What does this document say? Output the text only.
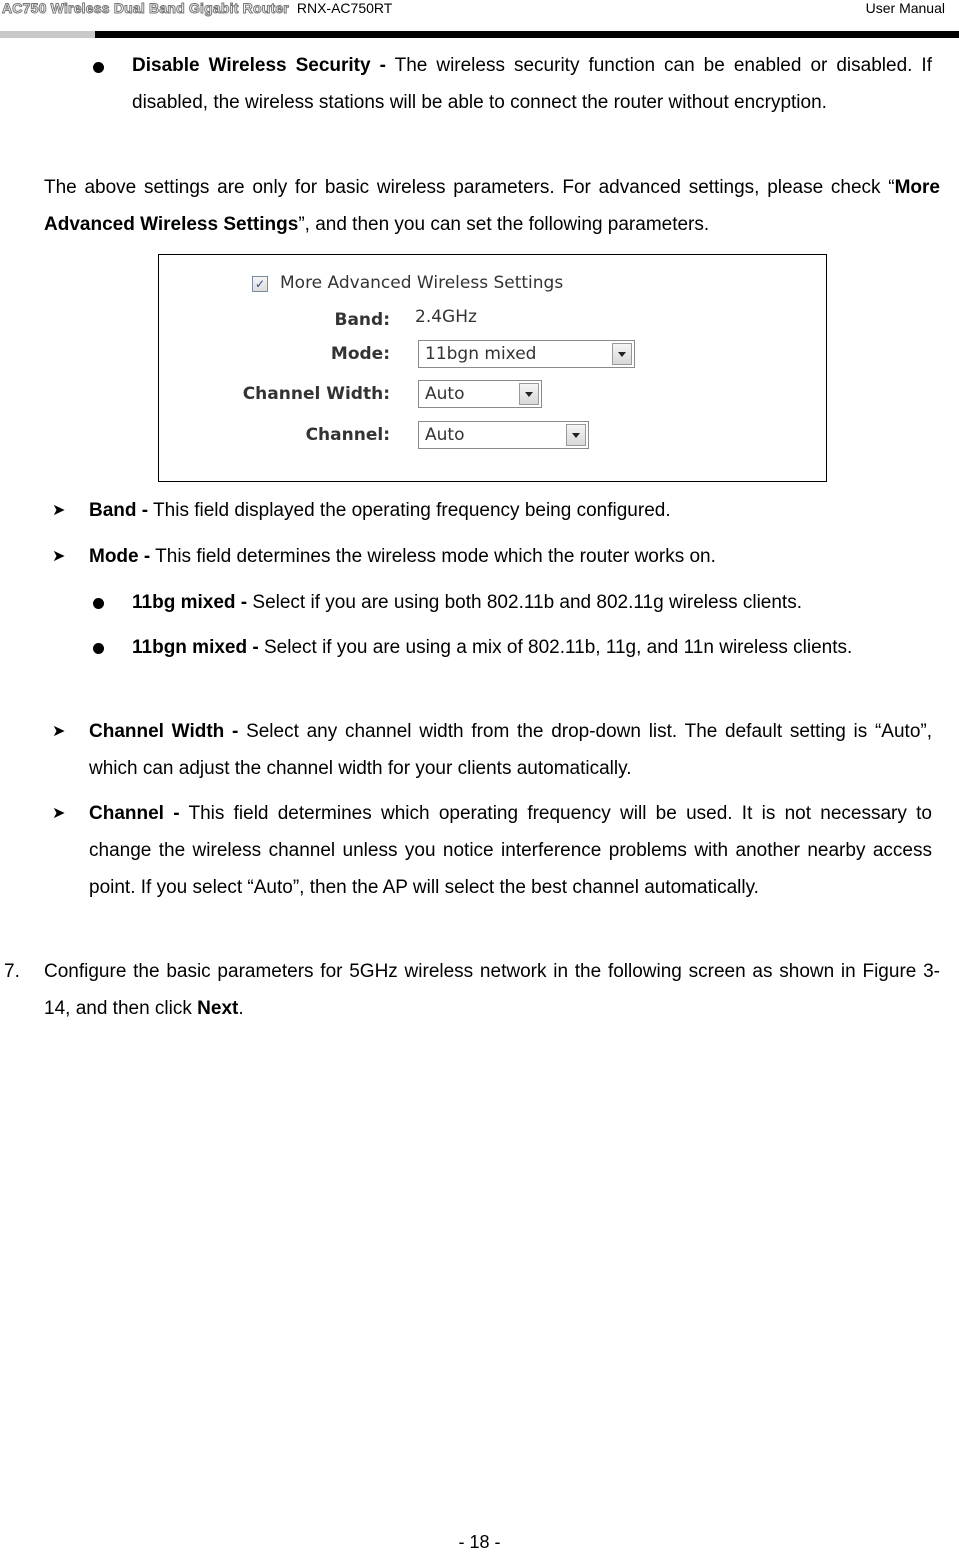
AC750 Wireless Dual Band Gigabit Router RNX-AC750RT	User Manual
Disable Wireless Security - The wireless security function can be enabled or disabled. If disabled, the wireless stations will be able to connect the router without encryption.
The above settings are only for basic wireless parameters. For advanced settings, please check “More Advanced Wireless Settings”, and then you can set the following parameters.
✓ More Advanced Wireless Settings
Band: 2.4GHz
Mode: 11bgn mixed
Channel Width: Auto
Channel: Auto
➤ Band - This field displayed the operating frequency being configured.
➤ Mode - This field determines the wireless mode which the router works on.
11bg mixed - Select if you are using both 802.11b and 802.11g wireless clients.
11bgn mixed - Select if you are using a mix of 802.11b, 11g, and 11n wireless clients.
➤ Channel Width - Select any channel width from the drop-down list. The default setting is “Auto”, which can adjust the channel width for your clients automatically.
➤ Channel - This field determines which operating frequency will be used. It is not necessary to change the wireless channel unless you notice interference problems with another nearby access point. If you select “Auto”, then the AP will select the best channel automatically.
7. Configure the basic parameters for 5GHz wireless network in the following screen as shown in Figure 3-14, and then click Next.
- 18 -
